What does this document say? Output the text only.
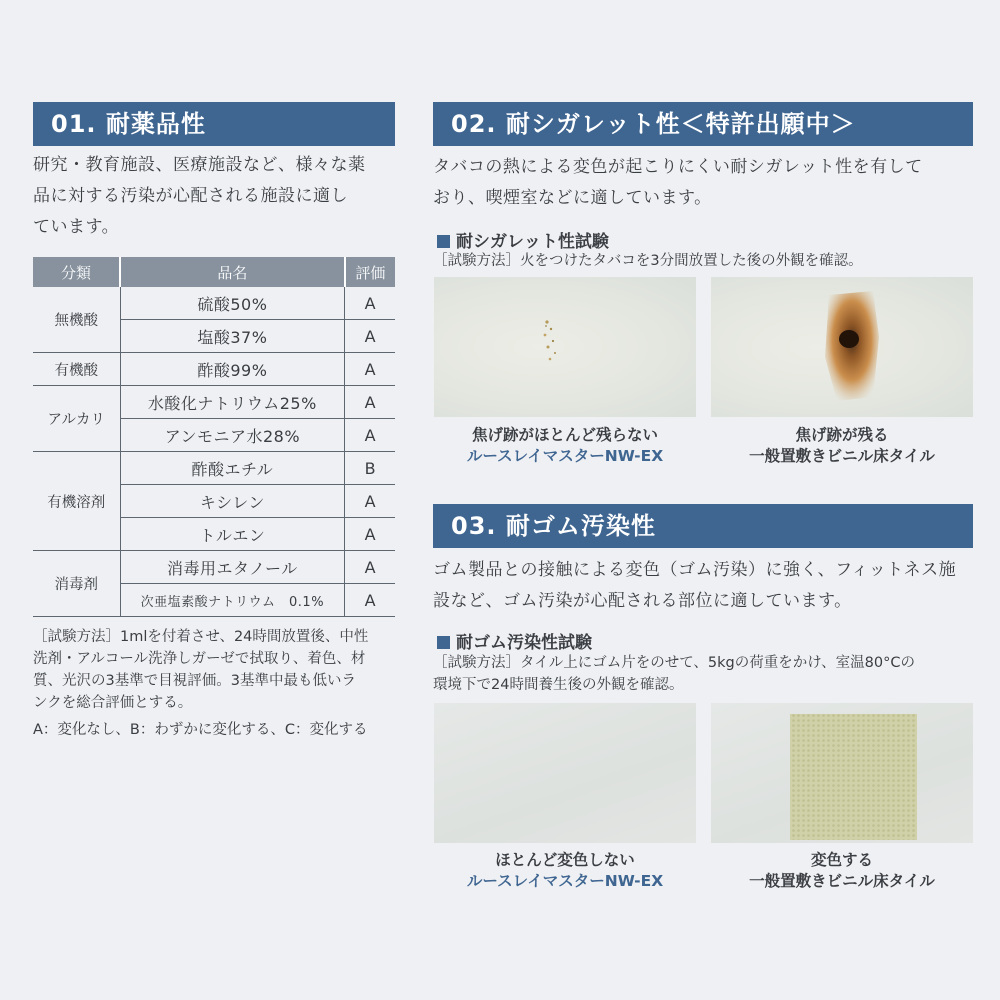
01. 耐薬品性

研究・教育施設、医療施設など、様々な薬

品に対する汚染が心配される施設に適し

ています。

分類	品名	評価
無機酸	硫酸50%	A
	塩酸37%	A
有機酸	酢酸99%	A
アルカリ	水酸化ナトリウム25%	A
	アンモニア水28%	A
有機溶剤	酢酸エチル	B
	キシレン	A
	トルエン	A
消毒剤	消毒用エタノール	A
	次亜塩素酸ナトリウム　0.1%	A

［試験方法］1mlを付着させ、24時間放置後、中性

洗剤・アルコール洗浄しガーゼで拭取り、着色、材

質、光沢の3基準で目視評価。3基準中最も低いラ

ンクを総合評価とする。

A：変化なし、B：わずかに変化する、C：変化する

02. 耐シガレット性＜特許出願中＞

タバコの熱による変色が起こりにくい耐シガレット性を有して

おり、喫煙室などに適しています。

耐シガレット性試験

［試験方法］火をつけたタバコを3分間放置した後の外観を確認。

焦げ跡がほとんど残らない
ルースレイマスターNW-EX

焦げ跡が残る
一般置敷きビニル床タイル

03. 耐ゴム汚染性

ゴム製品との接触による変色（ゴム汚染）に強く、フィットネス施

設など、ゴム汚染が心配される部位に適しています。

耐ゴム汚染性試験

［試験方法］タイル上にゴム片をのせて、5kgの荷重をかけ、室温80°Cの

環境下で24時間養生後の外観を確認。

ほとんど変色しない
ルースレイマスターNW-EX

変色する
一般置敷きビニル床タイル
